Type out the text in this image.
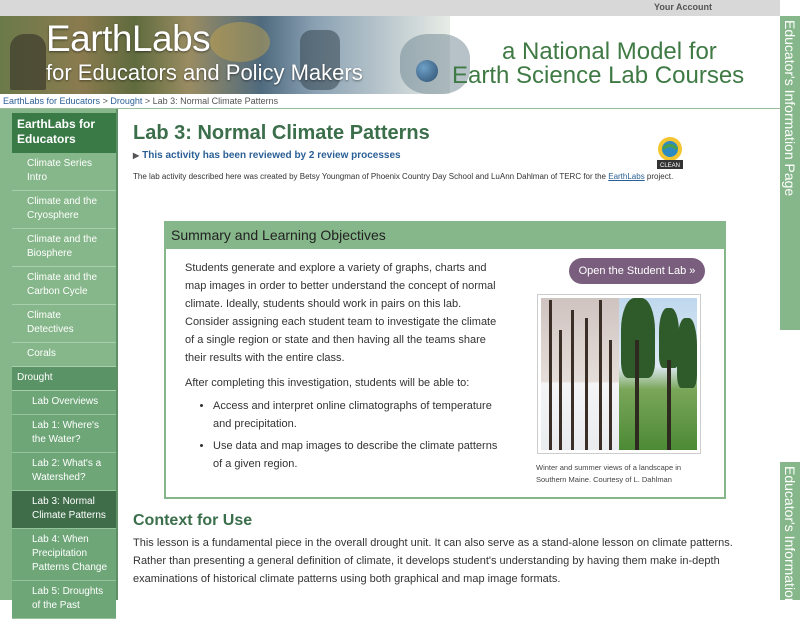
Your Account
EarthLabs
for Educators and Policy Makers
a National Model for
Earth Science Lab Courses
EarthLabs for Educators > Drought > Lab 3: Normal Climate Patterns	Educator's Information Page
Educator's Information Page
EarthLabs for Educators
Climate Series Intro
Climate and the Cryosphere
Climate and the Biosphere
Climate and the Carbon Cycle
Climate Detectives
Corals
Drought
Lab Overviews
Lab 1: Where's the Water?
Lab 2: What's a Watershed?
Lab 3: Normal Climate Patterns
Lab 4: When Precipitation Patterns Change
Lab 5: Droughts of the Past
Lab 3: Normal Climate Patterns
▶ This activity has been reviewed by 2 review processes
The lab activity described here was created by Betsy Youngman of Phoenix Country Day School and LuAnn Dahlman of TERC for the EarthLabs project.
CLEAN
Summary and Learning Objectives

Students generate and explore a variety of graphs, charts and map images in order to better understand the concept of normal climate. Ideally, students should work in pairs on this lab. Consider assigning each student team to investigate the climate of a single region or state and then having all the teams share their results with the entire class.

After completing this investigation, students will be able to:

• Access and interpret online climatographs of temperature and precipitation.
• Use data and map images to describe the climate patterns of a given region.
Open the Student Lab »

Winter and summer views of a landscape in Southern Maine. Courtesy of L. Dahlman

Context for Use

This lesson is a fundamental piece in the overall drought unit. It can also serve as a stand-alone lesson on climate patterns. Rather than presenting a general definition of climate, it develops student's understanding by having them make in-depth examinations of historical climate patterns using both graphical and map image formats.
